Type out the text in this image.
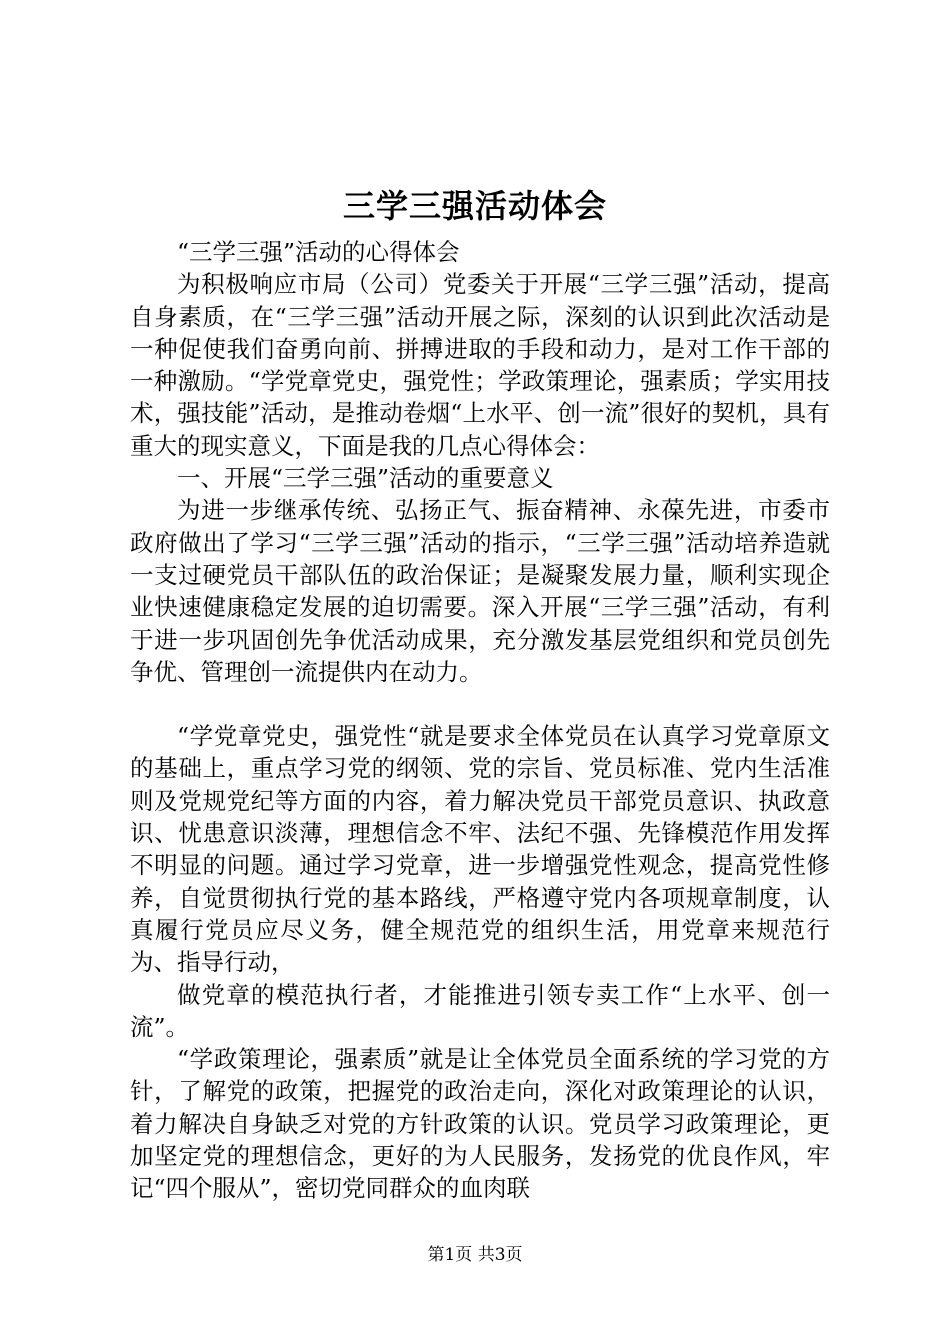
三学三强活动体会

“三学三强”活动的心得体会

为积极响应市局（公司）党委关于开展“三学三强”活动，提高自身素质，在“三学三强”活动开展之际，深刻的认识到此次活动是一种促使我们奋勇向前、拼搏进取的手段和动力，是对工作干部的一种激励。“学党章党史，强党性；学政策理论，强素质；学实用技术，强技能”活动，是推动卷烟“上水平、创一流”很好的契机，具有重大的现实意义，下面是我的几点心得体会：

一、开展“三学三强”活动的重要意义

为进一步继承传统、弘扬正气、振奋精神、永葆先进，市委市政府做出了学习“三学三强”活动的指示，“三学三强”活动培养造就一支过硬党员干部队伍的政治保证；是凝聚发展力量，顺利实现企业快速健康稳定发展的迫切需要。深入开展“三学三强”活动，有利于进一步巩固创先争优活动成果，充分激发基层党组织和党员创先争优、管理创一流提供内在动力。

“学党章党史，强党性“就是要求全体党员在认真学习党章原文的基础上，重点学习党的纲领、党的宗旨、党员标准、党内生活准则及党规党纪等方面的内容，着力解决党员干部党员意识、执政意识、忧患意识淡薄，理想信念不牢、法纪不强、先锋模范作用发挥不明显的问题。通过学习党章，进一步增强党性观念，提高党性修养，自觉贯彻执行党的基本路线，严格遵守党内各项规章制度，认真履行党员应尽义务，健全规范党的组织生活，用党章来规范行为、指导行动，

做党章的模范执行者，才能推进引领专卖工作“上水平、创一流”。

“学政策理论，强素质”就是让全体党员全面系统的学习党的方针，了解党的政策，把握党的政治走向，深化对政策理论的认识，着力解决自身缺乏对党的方针政策的认识。党员学习政策理论，更加坚定党的理想信念，更好的为人民服务，发扬党的优良作风，牢记“四个服从”，密切党同群众的血肉联

第1页 共3页
